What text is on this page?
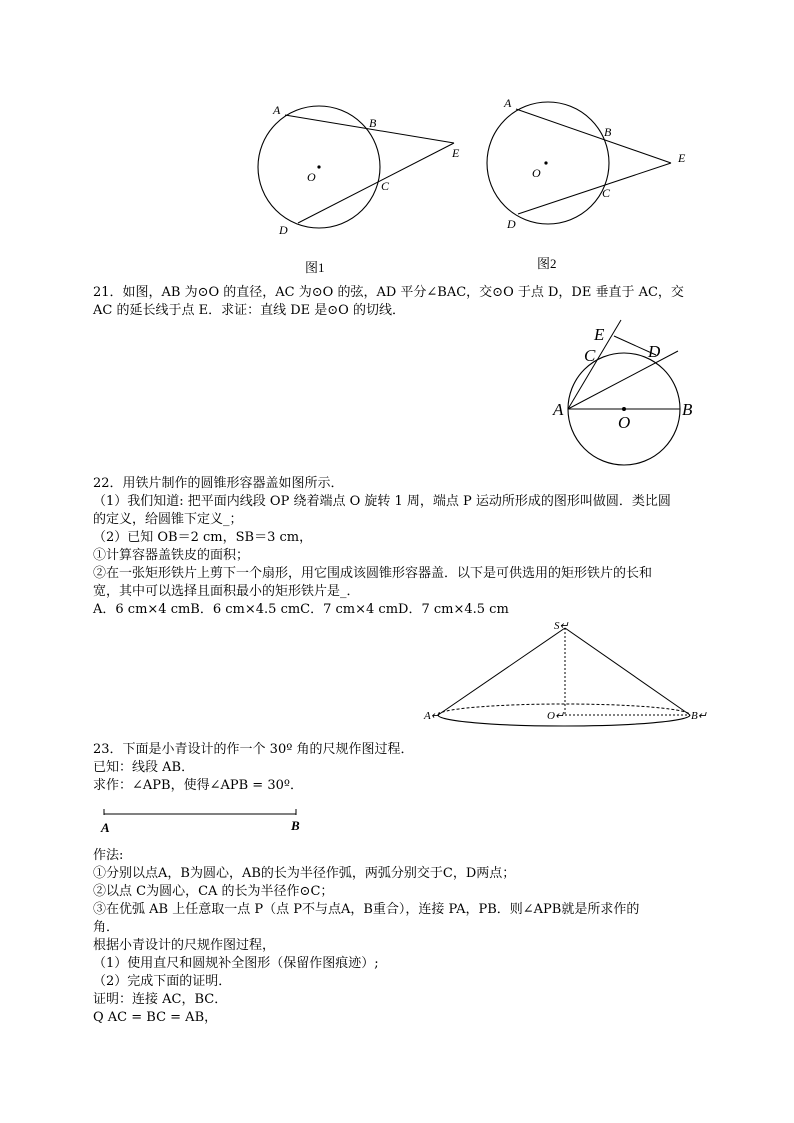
A
B
C
D
E
O
图1
A
B
C
D
E
O
图2
21．如图，AB 为⊙O 的直径，AC 为⊙O 的弦，AD 平分∠BAC，交⊙O 于点 D，DE 垂直于 AC，交
AC 的延长线于点 E．求证：直线 DE 是⊙O 的切线．
A	B
C	D
E
O
22．用铁片制作的圆锥形容器盖如图所示．
（1）我们知道: 把平面内线段 OP 绕着端点 O 旋转 1 周，端点 P 运动所形成的图形叫做圆．类比圆
的定义，给圆锥下定义_；
（2）已知 OB＝2 cm，SB＝3 cm，
①计算容器盖铁皮的面积；
②在一张矩形铁片上剪下一个扇形，用它围成该圆锥形容器盖．以下是可供选用的矩形铁片的长和
宽，其中可以选择且面积最小的矩形铁片是_．
A．6 cm×4 cmB．6 cm×4.5 cmC．7 cm×4 cmD．7 cm×4.5 cm
S↵
A↵	O↵	B↵
23．下面是小青设计的作一个 30º 角的尺规作图过程．
已知：线段 AB．
求作：∠APB，使得∠APB = 30º．
A	B
作法:
①分别以点A，B为圆心，AB的长为半径作弧，两弧分别交于C，D两点；
②以点 C为圆心，CA 的长为半径作⊙C；
③在优弧 AB 上任意取一点 P（点 P不与点A，B重合），连接 PA，PB．则∠APB就是所求作的
角．
根据小青设计的尺规作图过程，
（1）使用直尺和圆规补全图形（保留作图痕迹）;
（2）完成下面的证明．
证明：连接 AC，BC．
Q AC = BC = AB，
